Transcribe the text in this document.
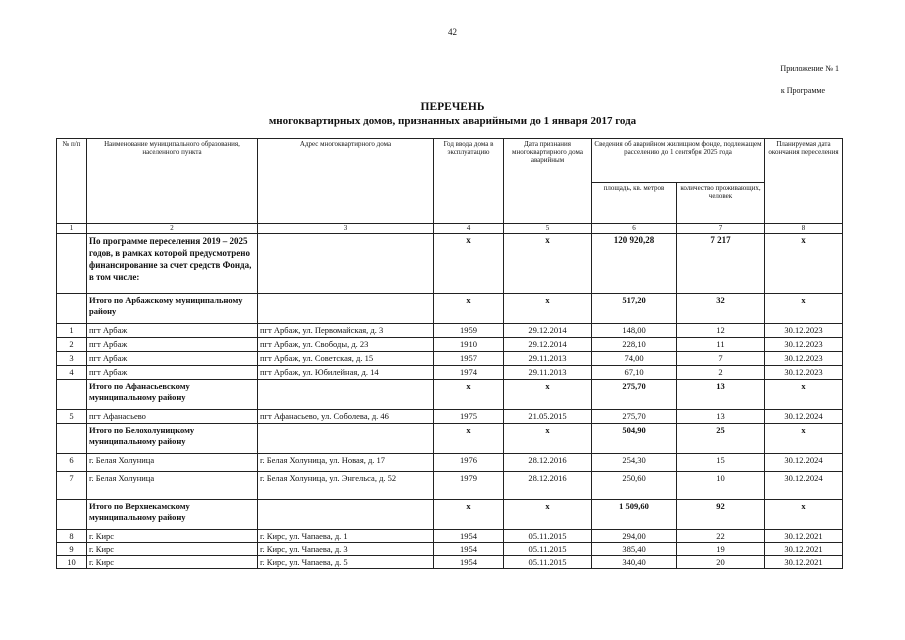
42
Приложение № 1
к Программе
ПЕРЕЧЕНЬ
многоквартирных домов, признанных аварийными до 1 января 2017 года
№ п/п	Наименование муниципального образования, населенного пункта	Адрес многоквартирного дома	Год ввода дома в эксплуатацию	Дата признания многоквартирного дома аварийным	Сведения об аварийном жилищном фонде, подлежащем расселению до 1 сентября 2025 года		Планируемая дата окончания переселения
					площадь, кв. метров	количество проживающих, человек	
1	2	3	4	5	6	7	8
	По программе переселения 2019 – 2025 годов, в рамках которой предусмотрено финансирование за счет средств Фонда, в том числе:		x	x	120 920,28	7 217	x
	Итого по Арбажскому муниципальному району		x	x	517,20	32	x
1	пгт Арбаж	пгт Арбаж, ул. Первомайская, д. 3	1959	29.12.2014	148,00	12	30.12.2023
2	пгт Арбаж	пгт Арбаж, ул. Свободы, д. 23	1910	29.12.2014	228,10	11	30.12.2023
3	пгт Арбаж	пгт Арбаж, ул. Советская, д. 15	1957	29.11.2013	74,00	7	30.12.2023
4	пгт Арбаж	пгт Арбаж, ул. Юбилейная, д. 14	1974	29.11.2013	67,10	2	30.12.2023
	Итого по Афанасьевскому муниципальному району		x	x	275,70	13	x
5	пгт Афанасьево	пгт Афанасьево, ул. Соболева, д. 46	1975	21.05.2015	275,70	13	30.12.2024
	Итого по Белохолуницкому муниципальному району		x	x	504,90	25	x
6	г. Белая Холуница	г. Белая Холуница, ул. Новая, д. 17	1976	28.12.2016	254,30	15	30.12.2024
7	г. Белая Холуница	г. Белая Холуница, ул. Энгельса, д. 52	1979	28.12.2016	250,60	10	30.12.2024
	Итого по Верхнекамскому муниципальному району		x	x	1 509,60	92	x
8	г. Кирс	г. Кирс, ул. Чапаева, д. 1	1954	05.11.2015	294,00	22	30.12.2021
9	г. Кирс	г. Кирс, ул. Чапаева, д. 3	1954	05.11.2015	385,40	19	30.12.2021
10	г. Кирс	г. Кирс, ул. Чапаева, д. 5	1954	05.11.2015	340,40	20	30.12.2021
